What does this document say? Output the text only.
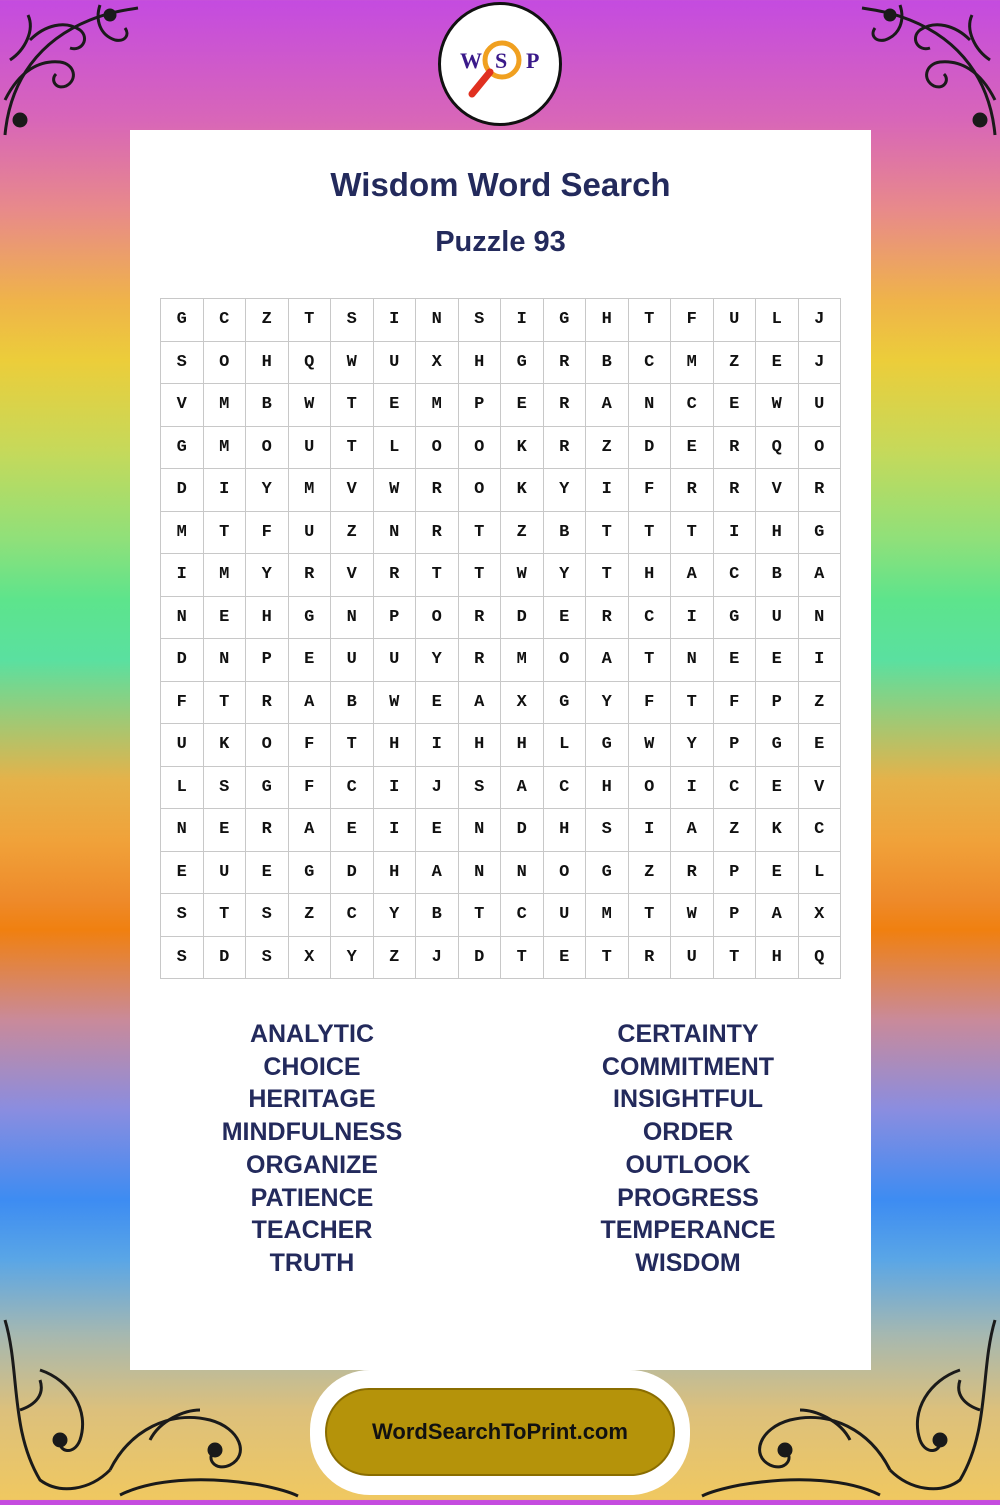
W S P
Wisdom Word Search
Puzzle 93
G	C	Z	T	S	I	N	S	I	G	H	T	F	U	L	J
S	O	H	Q	W	U	X	H	G	R	B	C	M	Z	E	J
V	M	B	W	T	E	M	P	E	R	A	N	C	E	W	U
G	M	O	U	T	L	O	O	K	R	Z	D	E	R	Q	O
D	I	Y	M	V	W	R	O	K	Y	I	F	R	R	V	R
M	T	F	U	Z	N	R	T	Z	B	T	T	T	I	H	G
I	M	Y	R	V	R	T	T	W	Y	T	H	A	C	B	A
N	E	H	G	N	P	O	R	D	E	R	C	I	G	U	N
D	N	P	E	U	U	Y	R	M	O	A	T	N	E	E	I
F	T	R	A	B	W	E	A	X	G	Y	F	T	F	P	Z
U	K	O	F	T	H	I	H	H	L	G	W	Y	P	G	E
L	S	G	F	C	I	J	S	A	C	H	O	I	C	E	V
N	E	R	A	E	I	E	N	D	H	S	I	A	Z	K	C
E	U	E	G	D	H	A	N	N	O	G	Z	R	P	E	L
S	T	S	Z	C	Y	B	T	C	U	M	T	W	P	A	X
S	D	S	X	Y	Z	J	D	T	E	T	R	U	T	H	Q
ANALYTIC
CHOICE
HERITAGE
MINDFULNESS
ORGANIZE
PATIENCE
TEACHER
TRUTH
CERTAINTY
COMMITMENT
INSIGHTFUL
ORDER
OUTLOOK
PROGRESS
TEMPERANCE
WISDOM
WordSearchToPrint.com
